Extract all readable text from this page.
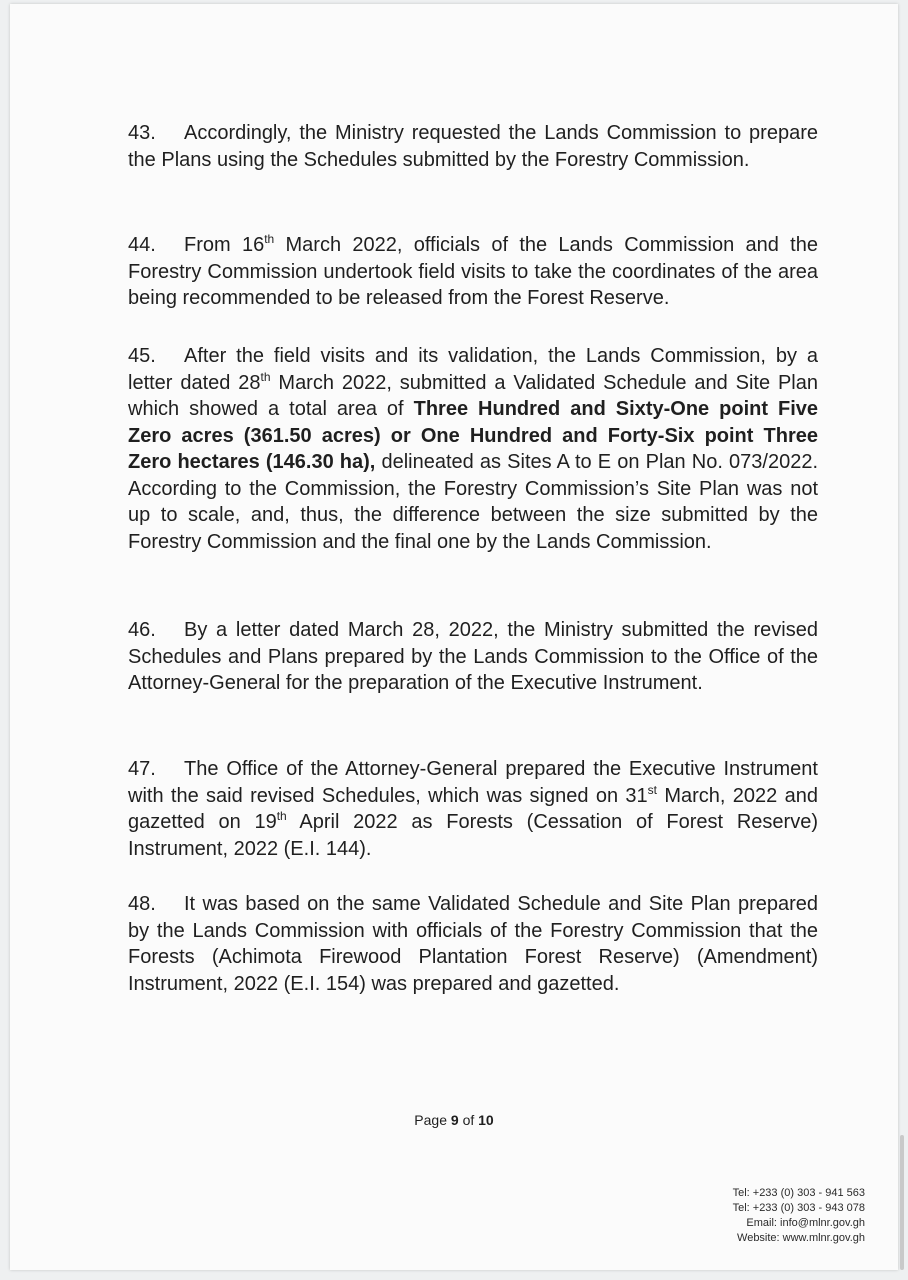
43.	Accordingly, the Ministry requested the Lands Commission to prepare the Plans using the Schedules submitted by the Forestry Commission.

44.	From 16th March 2022, officials of the Lands Commission and the Forestry Commission undertook field visits to take the coordinates of the area being recommended to be released from the Forest Reserve.

45.	After the field visits and its validation, the Lands Commission, by a letter dated 28th March 2022, submitted a Validated Schedule and Site Plan which showed a total area of Three Hundred and Sixty-One point Five Zero acres (361.50 acres) or One Hundred and Forty-Six point Three Zero hectares (146.30 ha), delineated as Sites A to E on Plan No. 073/2022. According to the Commission, the Forestry Commission’s Site Plan was not up to scale, and, thus, the difference between the size submitted by the Forestry Commission and the final one by the Lands Commission.

46.	By a letter dated March 28, 2022, the Ministry submitted the revised Schedules and Plans prepared by the Lands Commission to the Office of the Attorney-General for the preparation of the Executive Instrument.

47.	The Office of the Attorney-General prepared the Executive Instrument with the said revised Schedules, which was signed on 31st March, 2022 and gazetted on 19th April 2022 as Forests (Cessation of Forest Reserve) Instrument, 2022 (E.I. 144).

48.	It was based on the same Validated Schedule and Site Plan prepared by the Lands Commission with officials of the Forestry Commission that the Forests (Achimota Firewood Plantation Forest Reserve) (Amendment) Instrument, 2022 (E.I. 154) was prepared and gazetted.

Page 9 of 10
Tel: +233 (0) 303 - 941 563
Tel: +233 (0) 303 - 943 078
Email: info@mlnr.gov.gh
Website: www.mlnr.gov.gh
